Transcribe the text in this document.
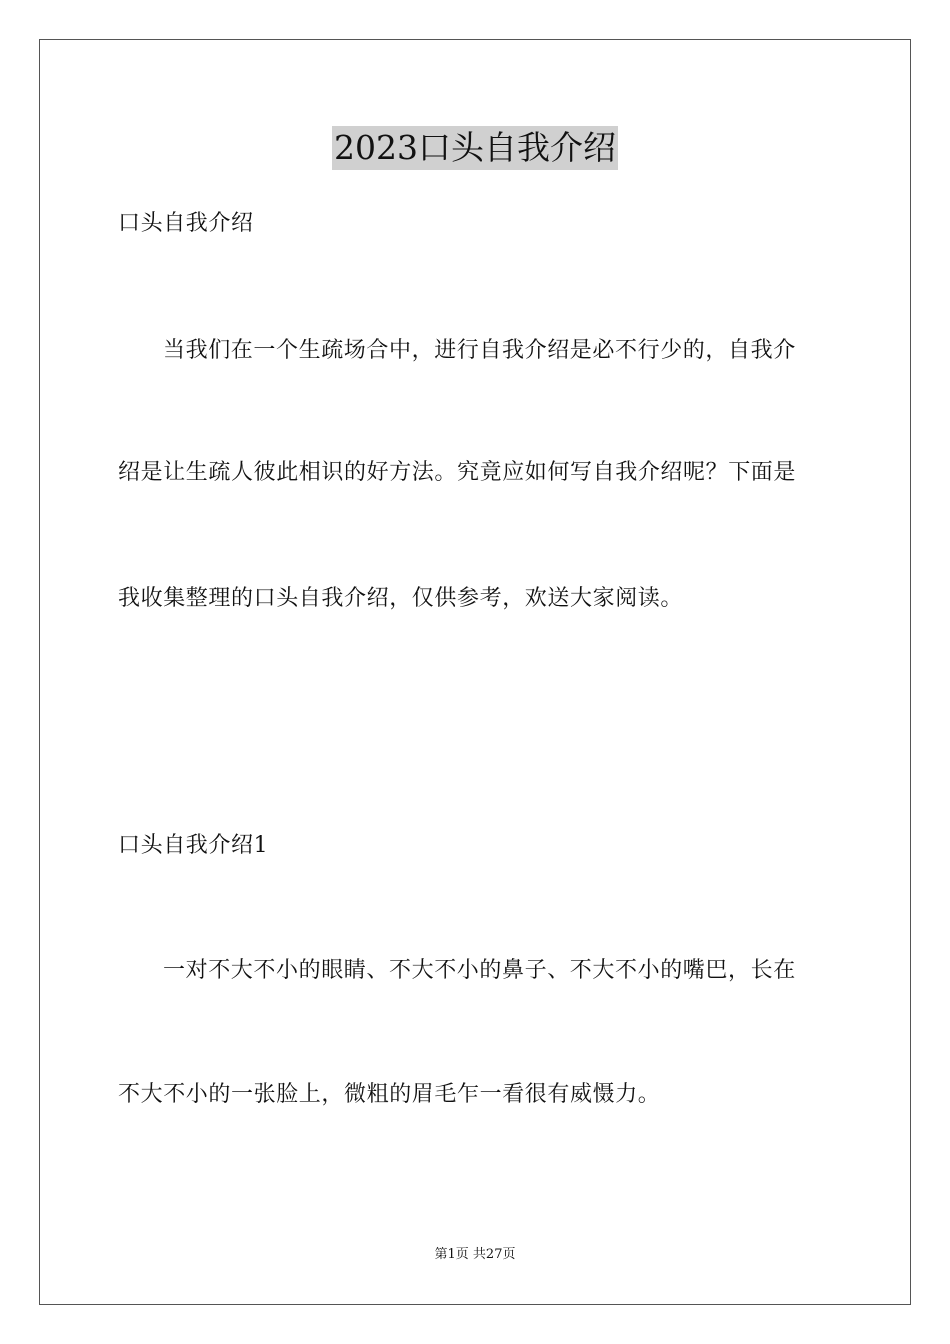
2023口头自我介绍
口头自我介绍
当我们在一个生疏场合中，进行自我介绍是必不行少的，自我介
绍是让生疏人彼此相识的好方法。究竟应如何写自我介绍呢？下面是
我收集整理的口头自我介绍，仅供参考，欢送大家阅读。
口头自我介绍1
一对不大不小的眼睛、不大不小的鼻子、不大不小的嘴巴，长在
不大不小的一张脸上，微粗的眉毛乍一看很有威慑力。
第1页 共27页
